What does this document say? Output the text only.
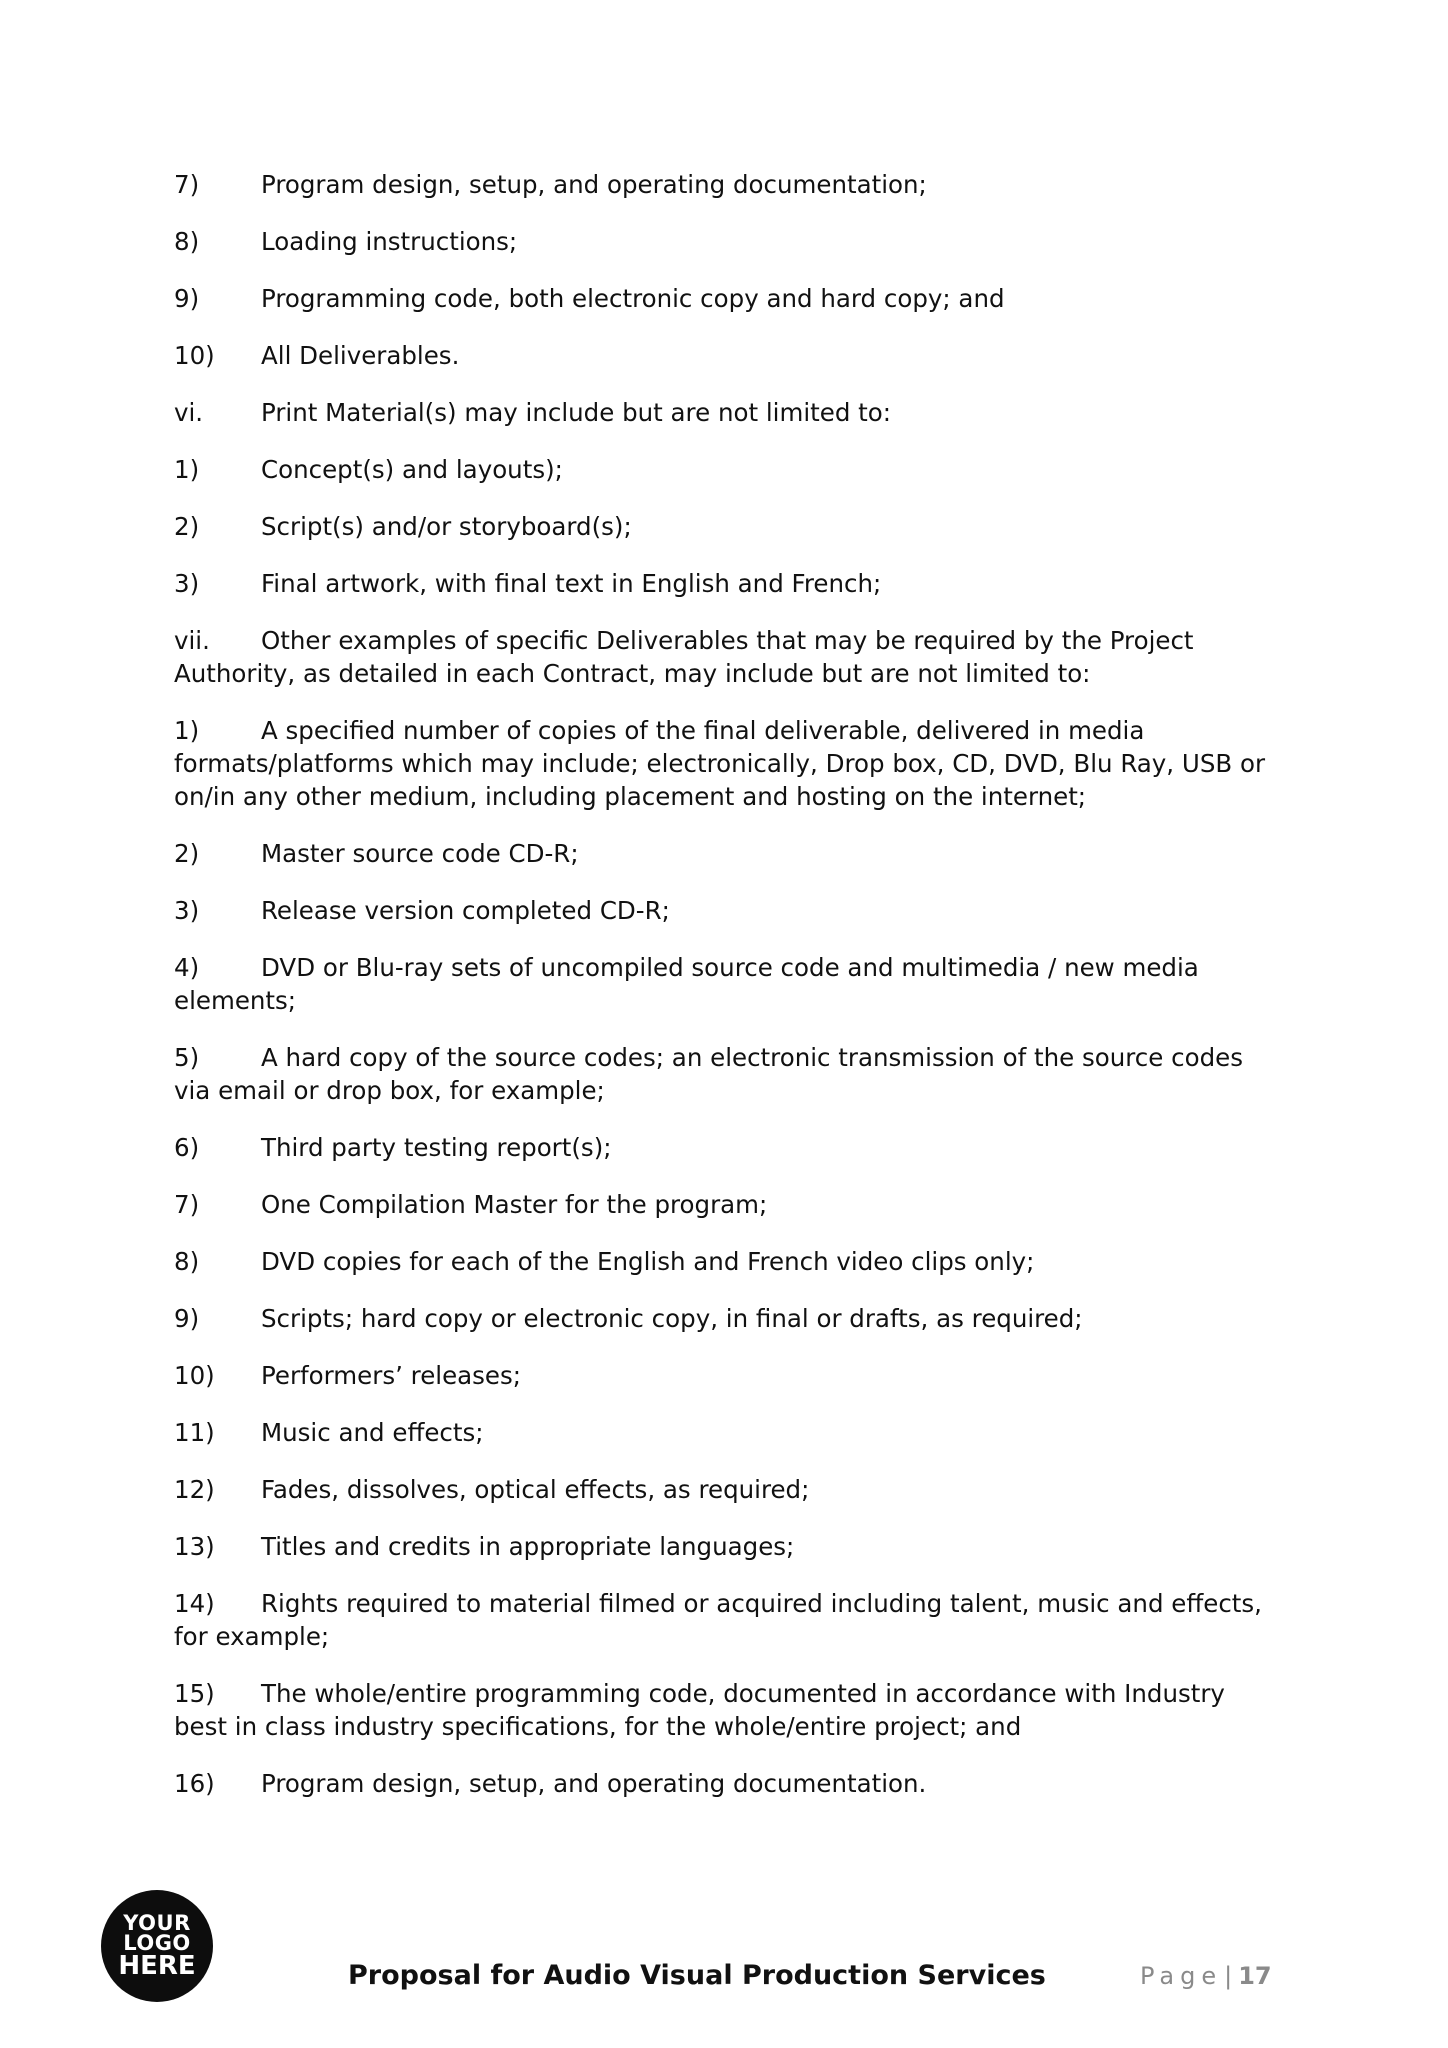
7)	Program design, setup, and operating documentation;
8)	Loading instructions;
9)	Programming code, both electronic copy and hard copy; and
10) All Deliverables.
vi. Print Material(s) may include but are not limited to:
1)	Concept(s) and layouts);
2)	Script(s) and/or storyboard(s);
3)	Final artwork, with final text in English and French;
vii. Other examples of specific Deliverables that may be required by the Project Authority, as detailed in each Contract, may include but are not limited to:
1)	A specified number of copies of the final deliverable, delivered in media formats/platforms which may include; electronically, Drop box, CD, DVD, Blu Ray, USB or on/in any other medium, including placement and hosting on the internet;
2)	Master source code CD-R;
3)	Release version completed CD-R;
4)	DVD or Blu-ray sets of uncompiled source code and multimedia / new media elements;
5)	A hard copy of the source codes; an electronic transmission of the source codes via email or drop box, for example;
6)	Third party testing report(s);
7)	One Compilation Master for the program;
8)	DVD copies for each of the English and French video clips only;
9)	Scripts; hard copy or electronic copy, in final or drafts, as required;
10) Performers’ releases;
11) Music and effects;
12) Fades, dissolves, optical effects, as required;
13) Titles and credits in appropriate languages;
14) Rights required to material filmed or acquired including talent, music and effects, for example;
15) The whole/entire programming code, documented in accordance with Industry best in class industry specifications, for the whole/entire project; and
16) Program design, setup, and operating documentation.
YOUR
LOGO
HERE	Proposal for Audio Visual Production Services	Page| 17
